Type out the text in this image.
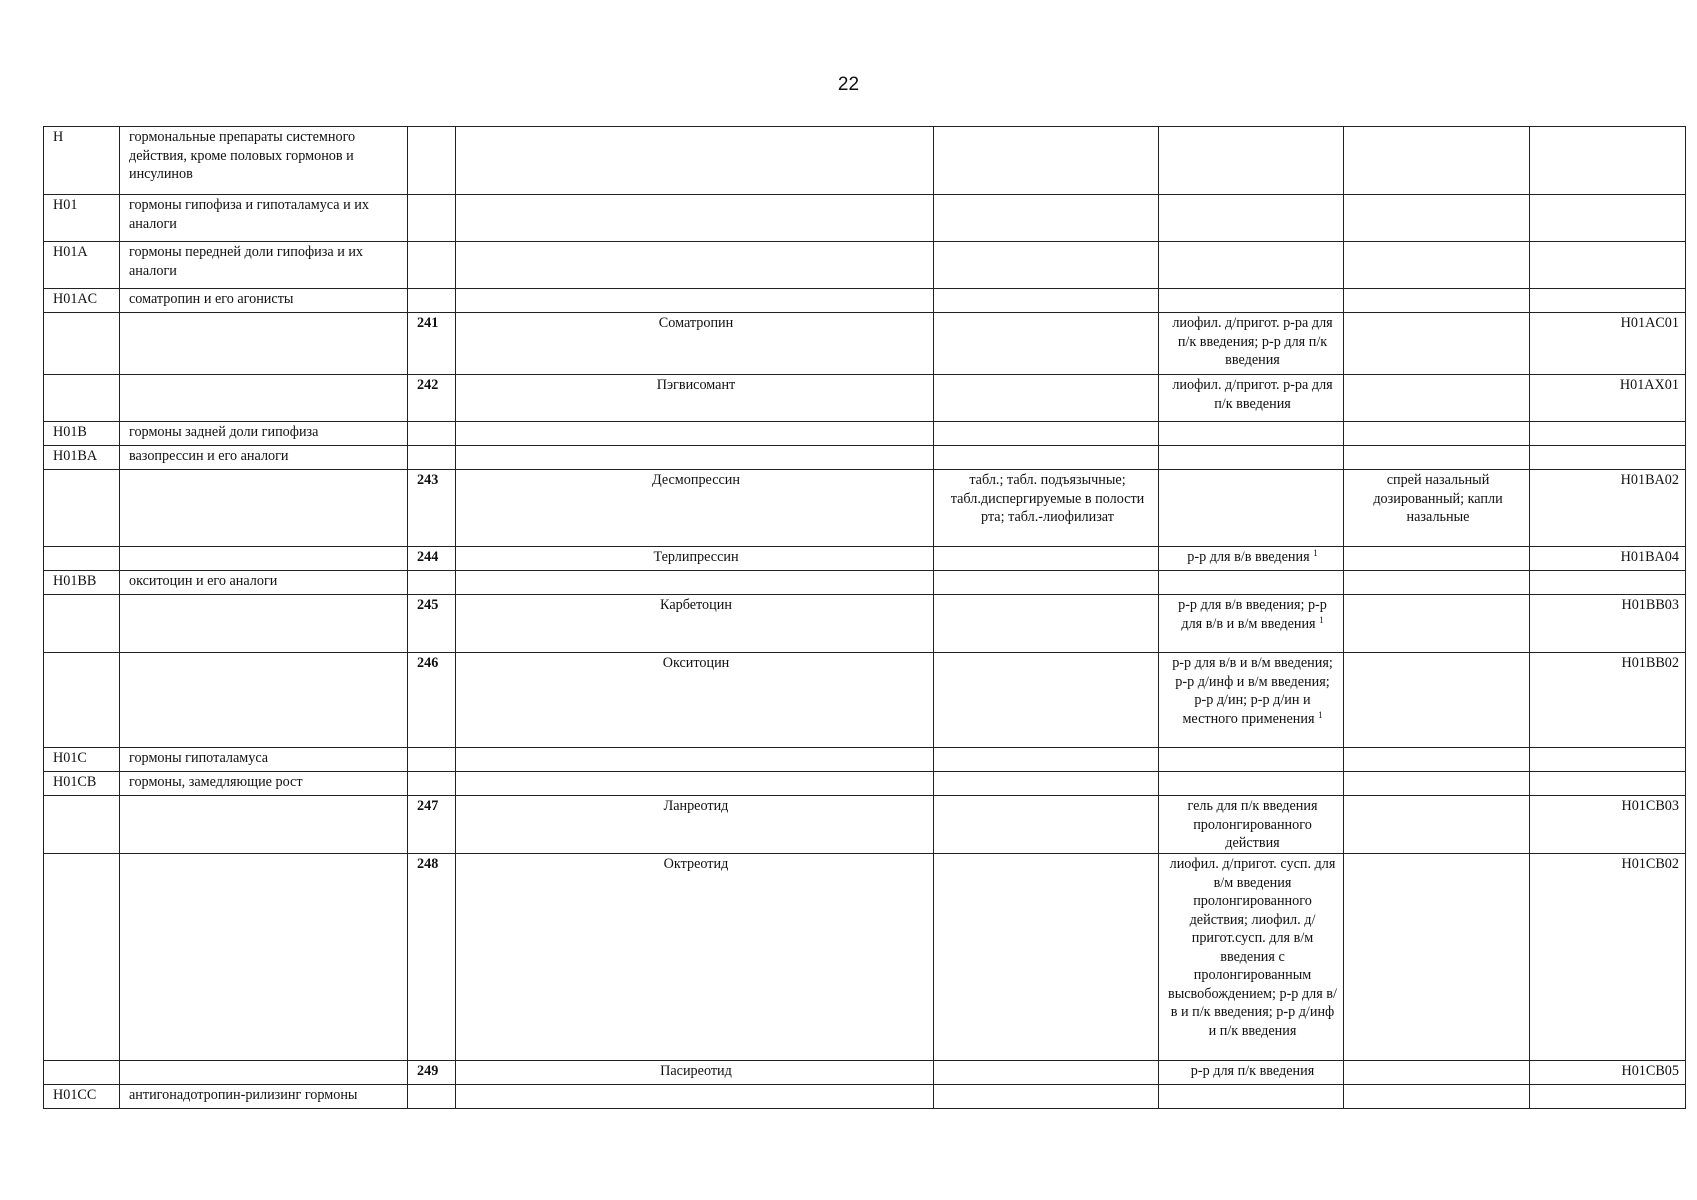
22
H	гормональные препараты системного действия, кроме половых гормонов и инсулинов						
H01	гормоны гипофиза и гипоталамуса и их аналоги						
H01A	гормоны передней доли гипофиза и их аналоги						
H01AC	соматропин и его агонисты						
		241	Соматропин		лиофил. д/пригот. р-ра для п/к введения; р-р для п/к введения		H01AC01
		242	Пэгвисомант		лиофил. д/пригот. р-ра для п/к введения		H01AX01
H01B	гормоны задней доли гипофиза						
H01BA	вазопрессин и его аналоги						
		243	Десмопрессин	табл.; табл. подъязычные; табл.диспергируемые в полости рта; табл.-лиофилизат		спрей назальный дозированный; капли назальные	H01BA02
		244	Терлипрессин		р-р для в/в введения $^1$		H01BA04
H01BB	окситоцин и его аналоги						
		245	Карбетоцин		р-р для в/в введения; р-р для в/в и в/м введения $^1$		H01BB03
		246	Окситоцин		р-р для в/в и в/м введения; р-р д/инф и в/м введения; р-р д/ин; р-р д/ин и местного применения $^1$		H01BB02
H01C	гормоны гипоталамуса						
H01CB	гормоны, замедляющие рост						
		247	Ланреотид		гель для п/к введения пролонгированного действия		H01CB03
		248	Октреотид		лиофил. д/пригот. сусп. для в/м введения пролонгированного действия; лиофил. д/пригот.сусп. для в/м введения с пролонгированным высвобождением; р-р для в/в и п/к введения; р-р д/инф и п/к введения		H01CB02
		249	Пасиреотид		р-р для п/к введения		H01CB05
H01CC	антигонадотропин-рилизинг гормоны						
